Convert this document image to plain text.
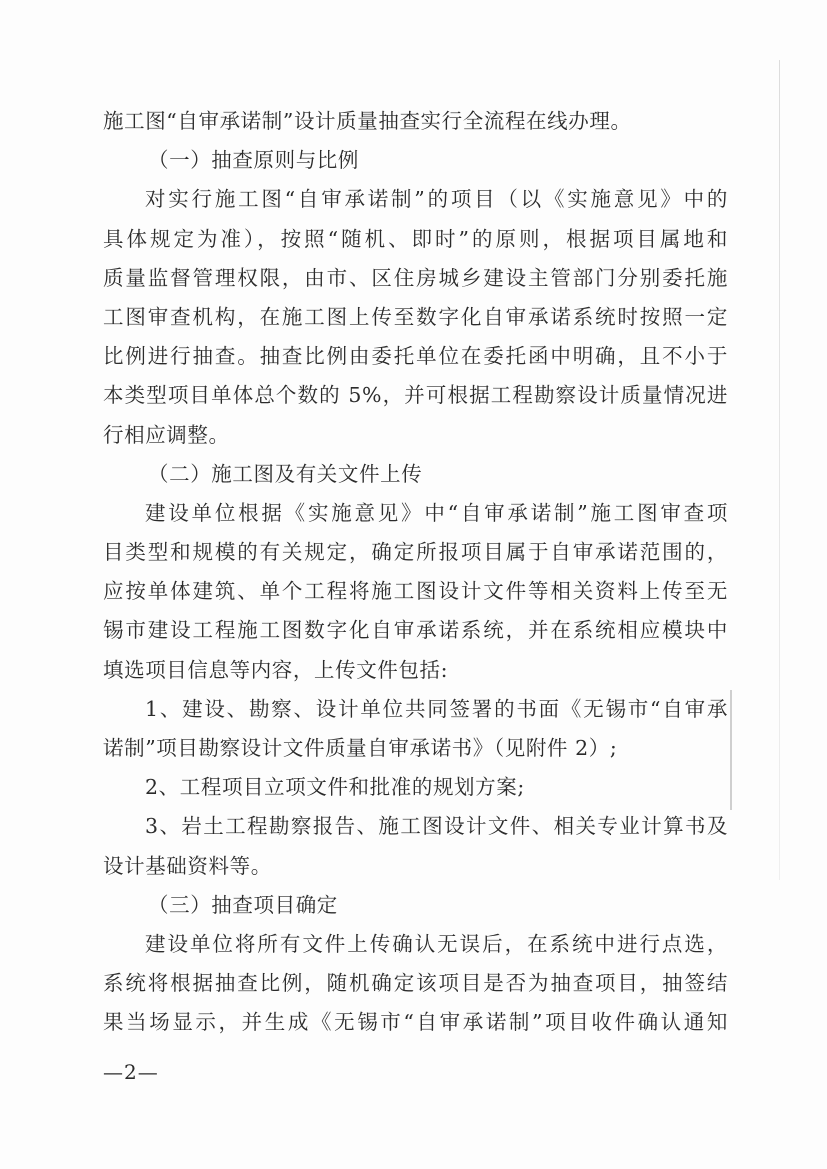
施工图“自审承诺制”设计质量抽查实行全流程在线办理。
（一）抽查原则与比例
对实行施工图“自审承诺制”的项目（以《实施意见》中的
具体规定为准），按照“随机、即时”的原则，根据项目属地和
质量监督管理权限，由市、区住房城乡建设主管部门分别委托施
工图审查机构，在施工图上传至数字化自审承诺系统时按照一定
比例进行抽查。抽查比例由委托单位在委托函中明确，且不小于
本类型项目单体总个数的 5%，并可根据工程勘察设计质量情况进
行相应调整。
（二）施工图及有关文件上传
建设单位根据《实施意见》中“自审承诺制”施工图审查项
目类型和规模的有关规定，确定所报项目属于自审承诺范围的，
应按单体建筑、单个工程将施工图设计文件等相关资料上传至无
锡市建设工程施工图数字化自审承诺系统，并在系统相应模块中
填选项目信息等内容，上传文件包括:
1、建设、勘察、设计单位共同签署的书面《无锡市“自审承
诺制”项目勘察设计文件质量自审承诺书》（见附件 2）;
2、工程项目立项文件和批准的规划方案;
3、岩土工程勘察报告、施工图设计文件、相关专业计算书及
设计基础资料等。
（三）抽查项目确定
建设单位将所有文件上传确认无误后，在系统中进行点选，
系统将根据抽查比例，随机确定该项目是否为抽查项目，抽签结
果当场显示，并生成《无锡市“自审承诺制”项目收件确认通知
—2—
